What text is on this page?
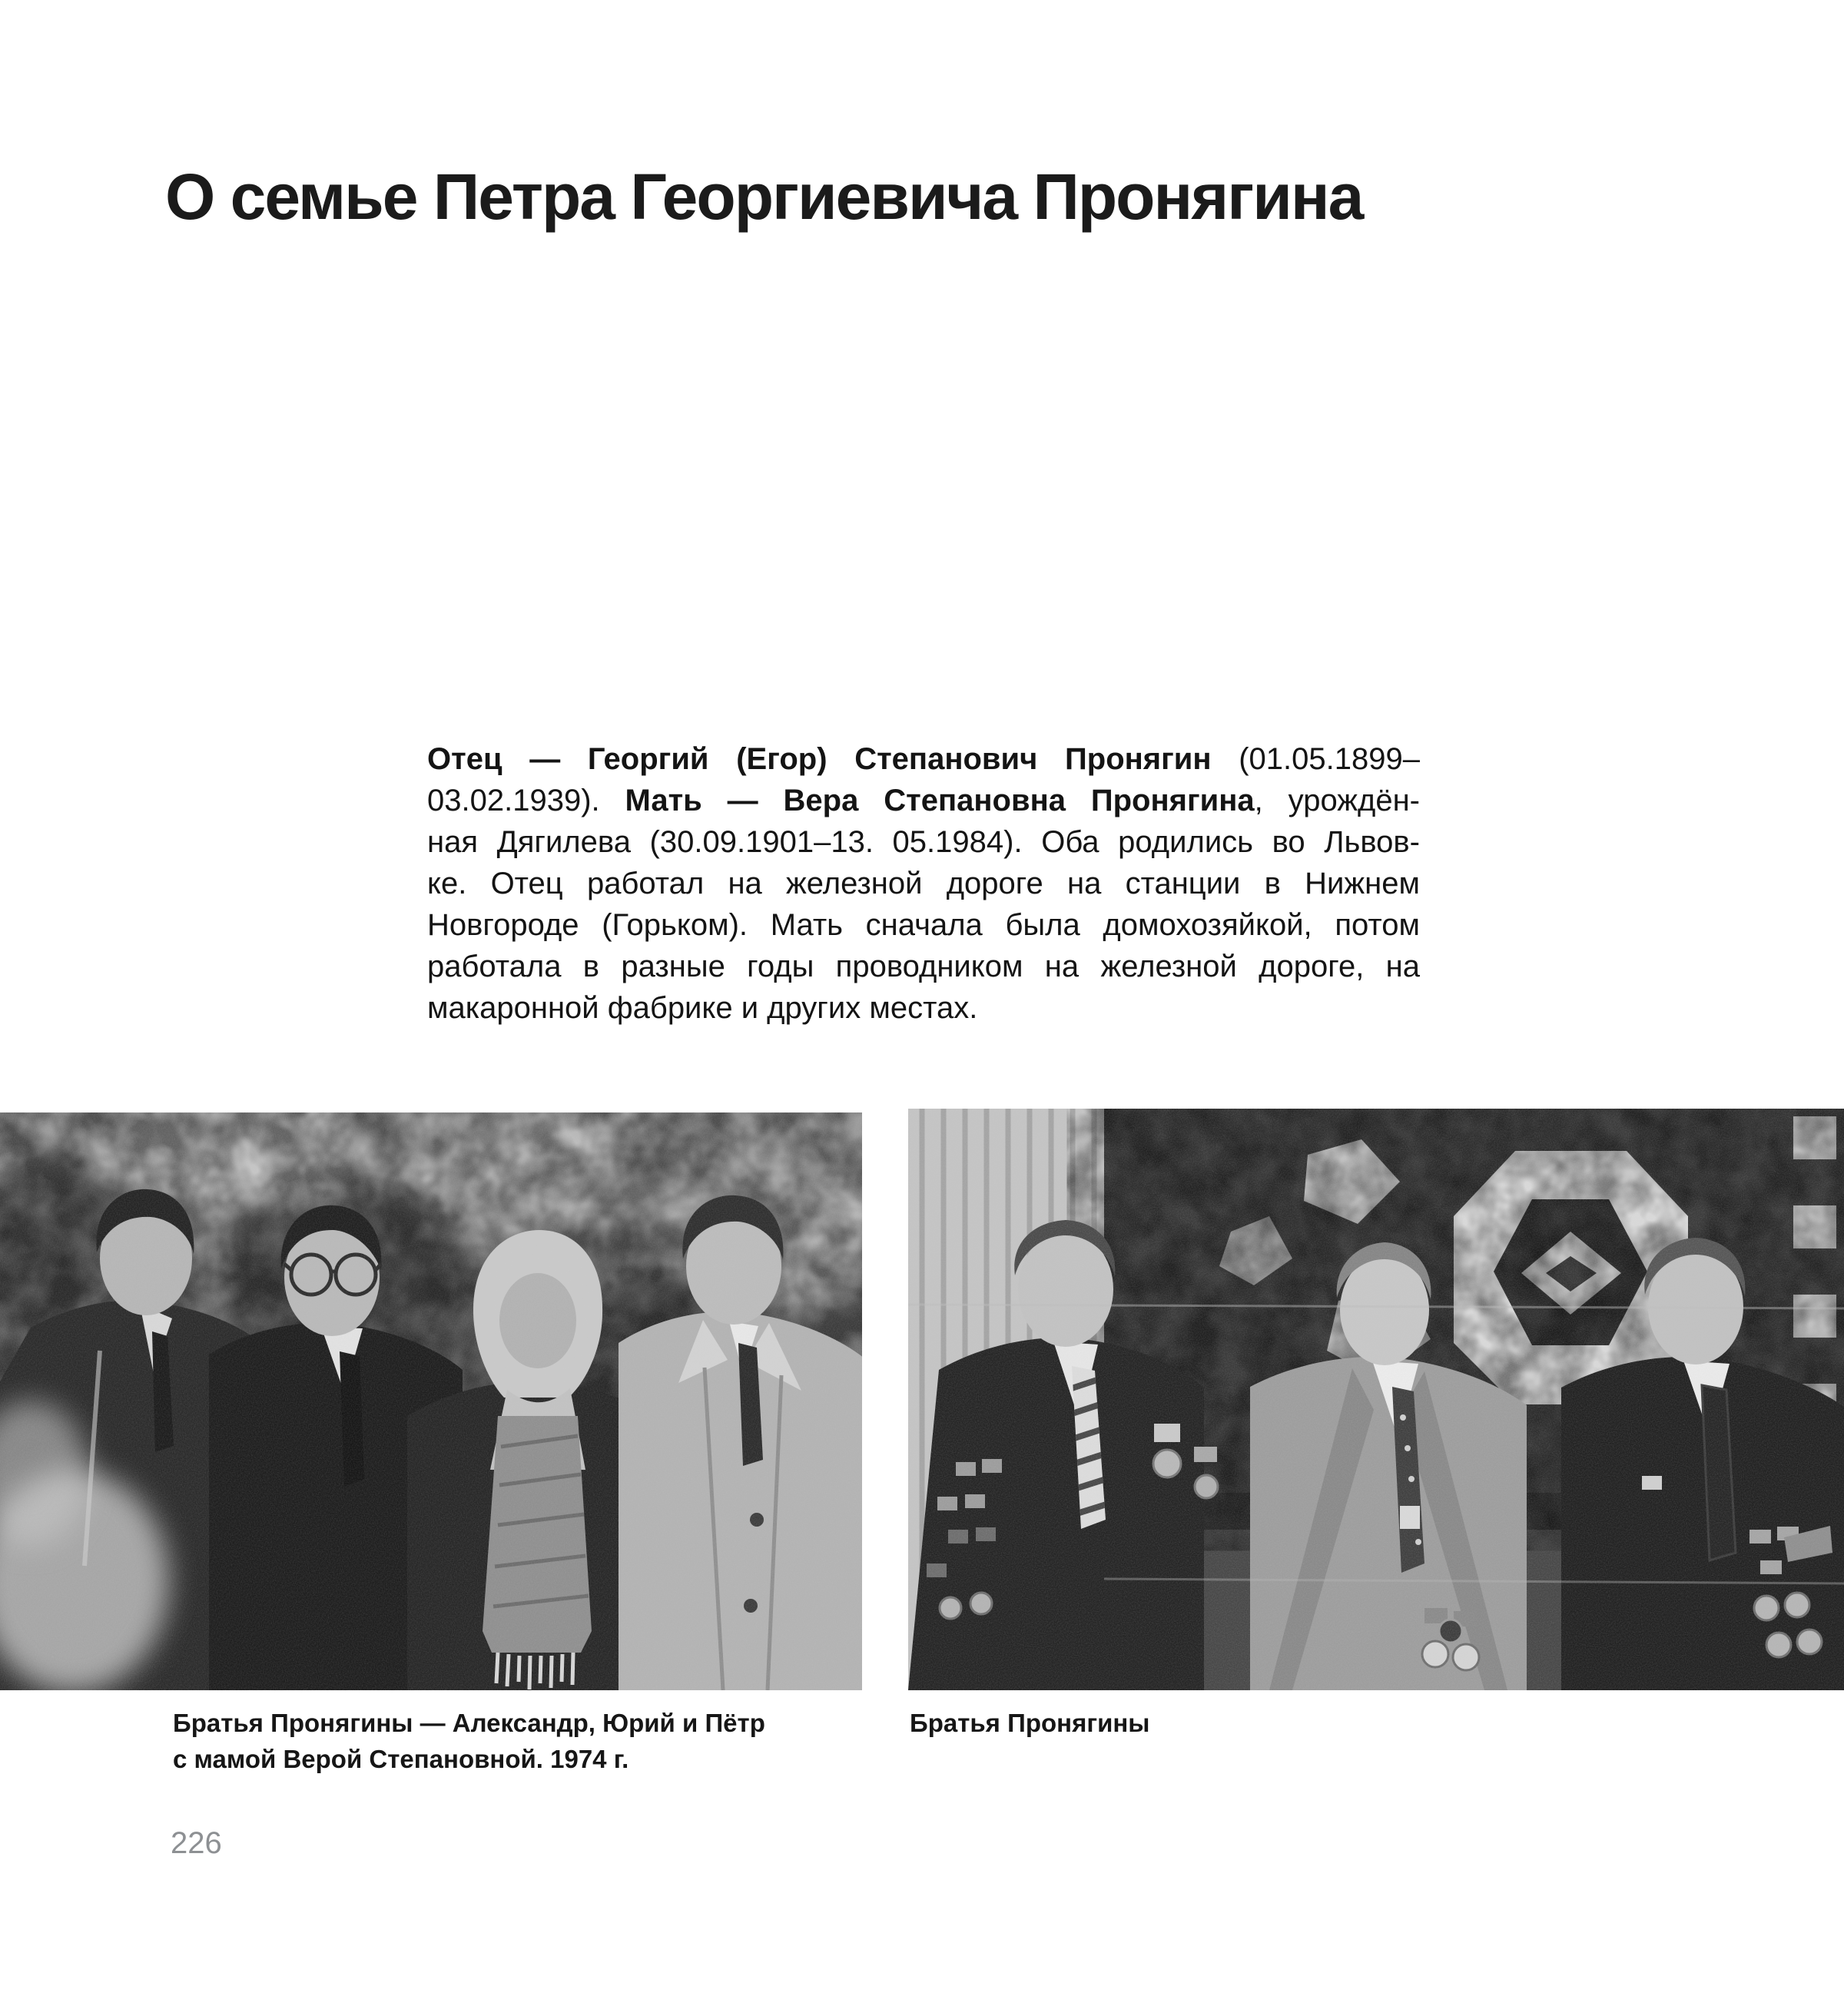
О семье Петра Георгиевича Пронягина
Отец — Георгий (Егор) Степанович Пронягин (01.05.1899–
03.02.1939). Мать — Вера Степановна Пронягина, урождён-
ная Дягилева (30.09.1901–13. 05.1984). Оба родились во Львов-
ке. Отец работал на железной дороге на станции в Нижнем
Новгороде (Горьком). Мать сначала была домохозяйкой, потом
работала в разные годы проводником на железной дороге, на
макаронной фабрике и других местах.
Братья Пронягины — Александр, Юрий и Пётр
с мамой Верой Степановной. 1974 г.
Братья Пронягины
226
